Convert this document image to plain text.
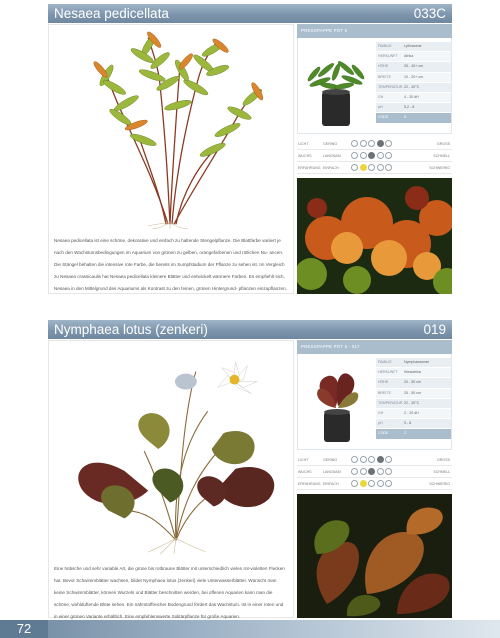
Nesaea pedicellata	033C

Nesaea pedicellata ist eine schöne, dekorative und einfach zu haltende Stengelpflanze. Die Blattfarbe variiert je nach den Wachstumsbedingungen im Aquarium von grünen zu gelben, orangefarbenen und rötlichen Nu- ancen. Die Stängel behalten die intensive rote Farbe, die bereits im Sumpfstadium der Pflanze zu sehen ist. Im Vergleich zu Nesaea crassicaulis hat Nesaea pedicellata kleinere Blätter und entwickelt wärmere Farben. Es empfiehlt sich, Nesaea in den Mittelgrund des Aquariums als Kontrast zu den feinen, grünen Hintergrund- pflanzen einzupflanzen.

PRESSPAPPE POT 5
FAMILIE	Lythraceae
HERKUNFT	Afrika
HÖHE	25 - 40+ cm
BREITE	10 - 20+ cm
TEMPERATUR 22 - 30°C
GH	4 - 20 dH
pH	5,2 - 8
CODE	A
LICHT	GERING	GROSS
WUCHS	LANGSAM	SCHNELL
ERFAHRUNG EINFACH	SCHWIERIG
Nymphaea lotus (zenkeri)	019

Eine hübsche und sehr variable Art, die grüne bis rotbraune Blätter mit unterschiedlich vielen rot-violetten Flecken hat. Bevor Schwimmblätter wachsen, bildet Nymphaea lotus (zenkeri) viele Unterwasserblätter. Wünscht man keine Schwimmblätter, können Wurzeln und Blätter beschnitten werden, bei offenen Aquarien kann man die schöne, wohlduftende Blüte sehen. Ein nährstoffreicher Bodengrund fördert das Wachstum. Ist in einer roten und in einer grünen Variante erhältlich. Eine empfehlenswerte Solitärpflanze für große Aquarien.

PRESSPAPPE POT 5 - 017
FAMILIE	Nymphaeaceae
HERKUNFT	Westafrika
HÖHE	20 - 50 cm
BREITE	25 - 50 cm
TEMPERATUR 22 - 30°C
GH	2 - 20 dH
pH	5 - 8
CODE	C
LICHT	GERING	GROSS
WUCHS	LANGSAM	SCHNELL
ERFAHRUNG EINFACH	SCHWIERIG
72
